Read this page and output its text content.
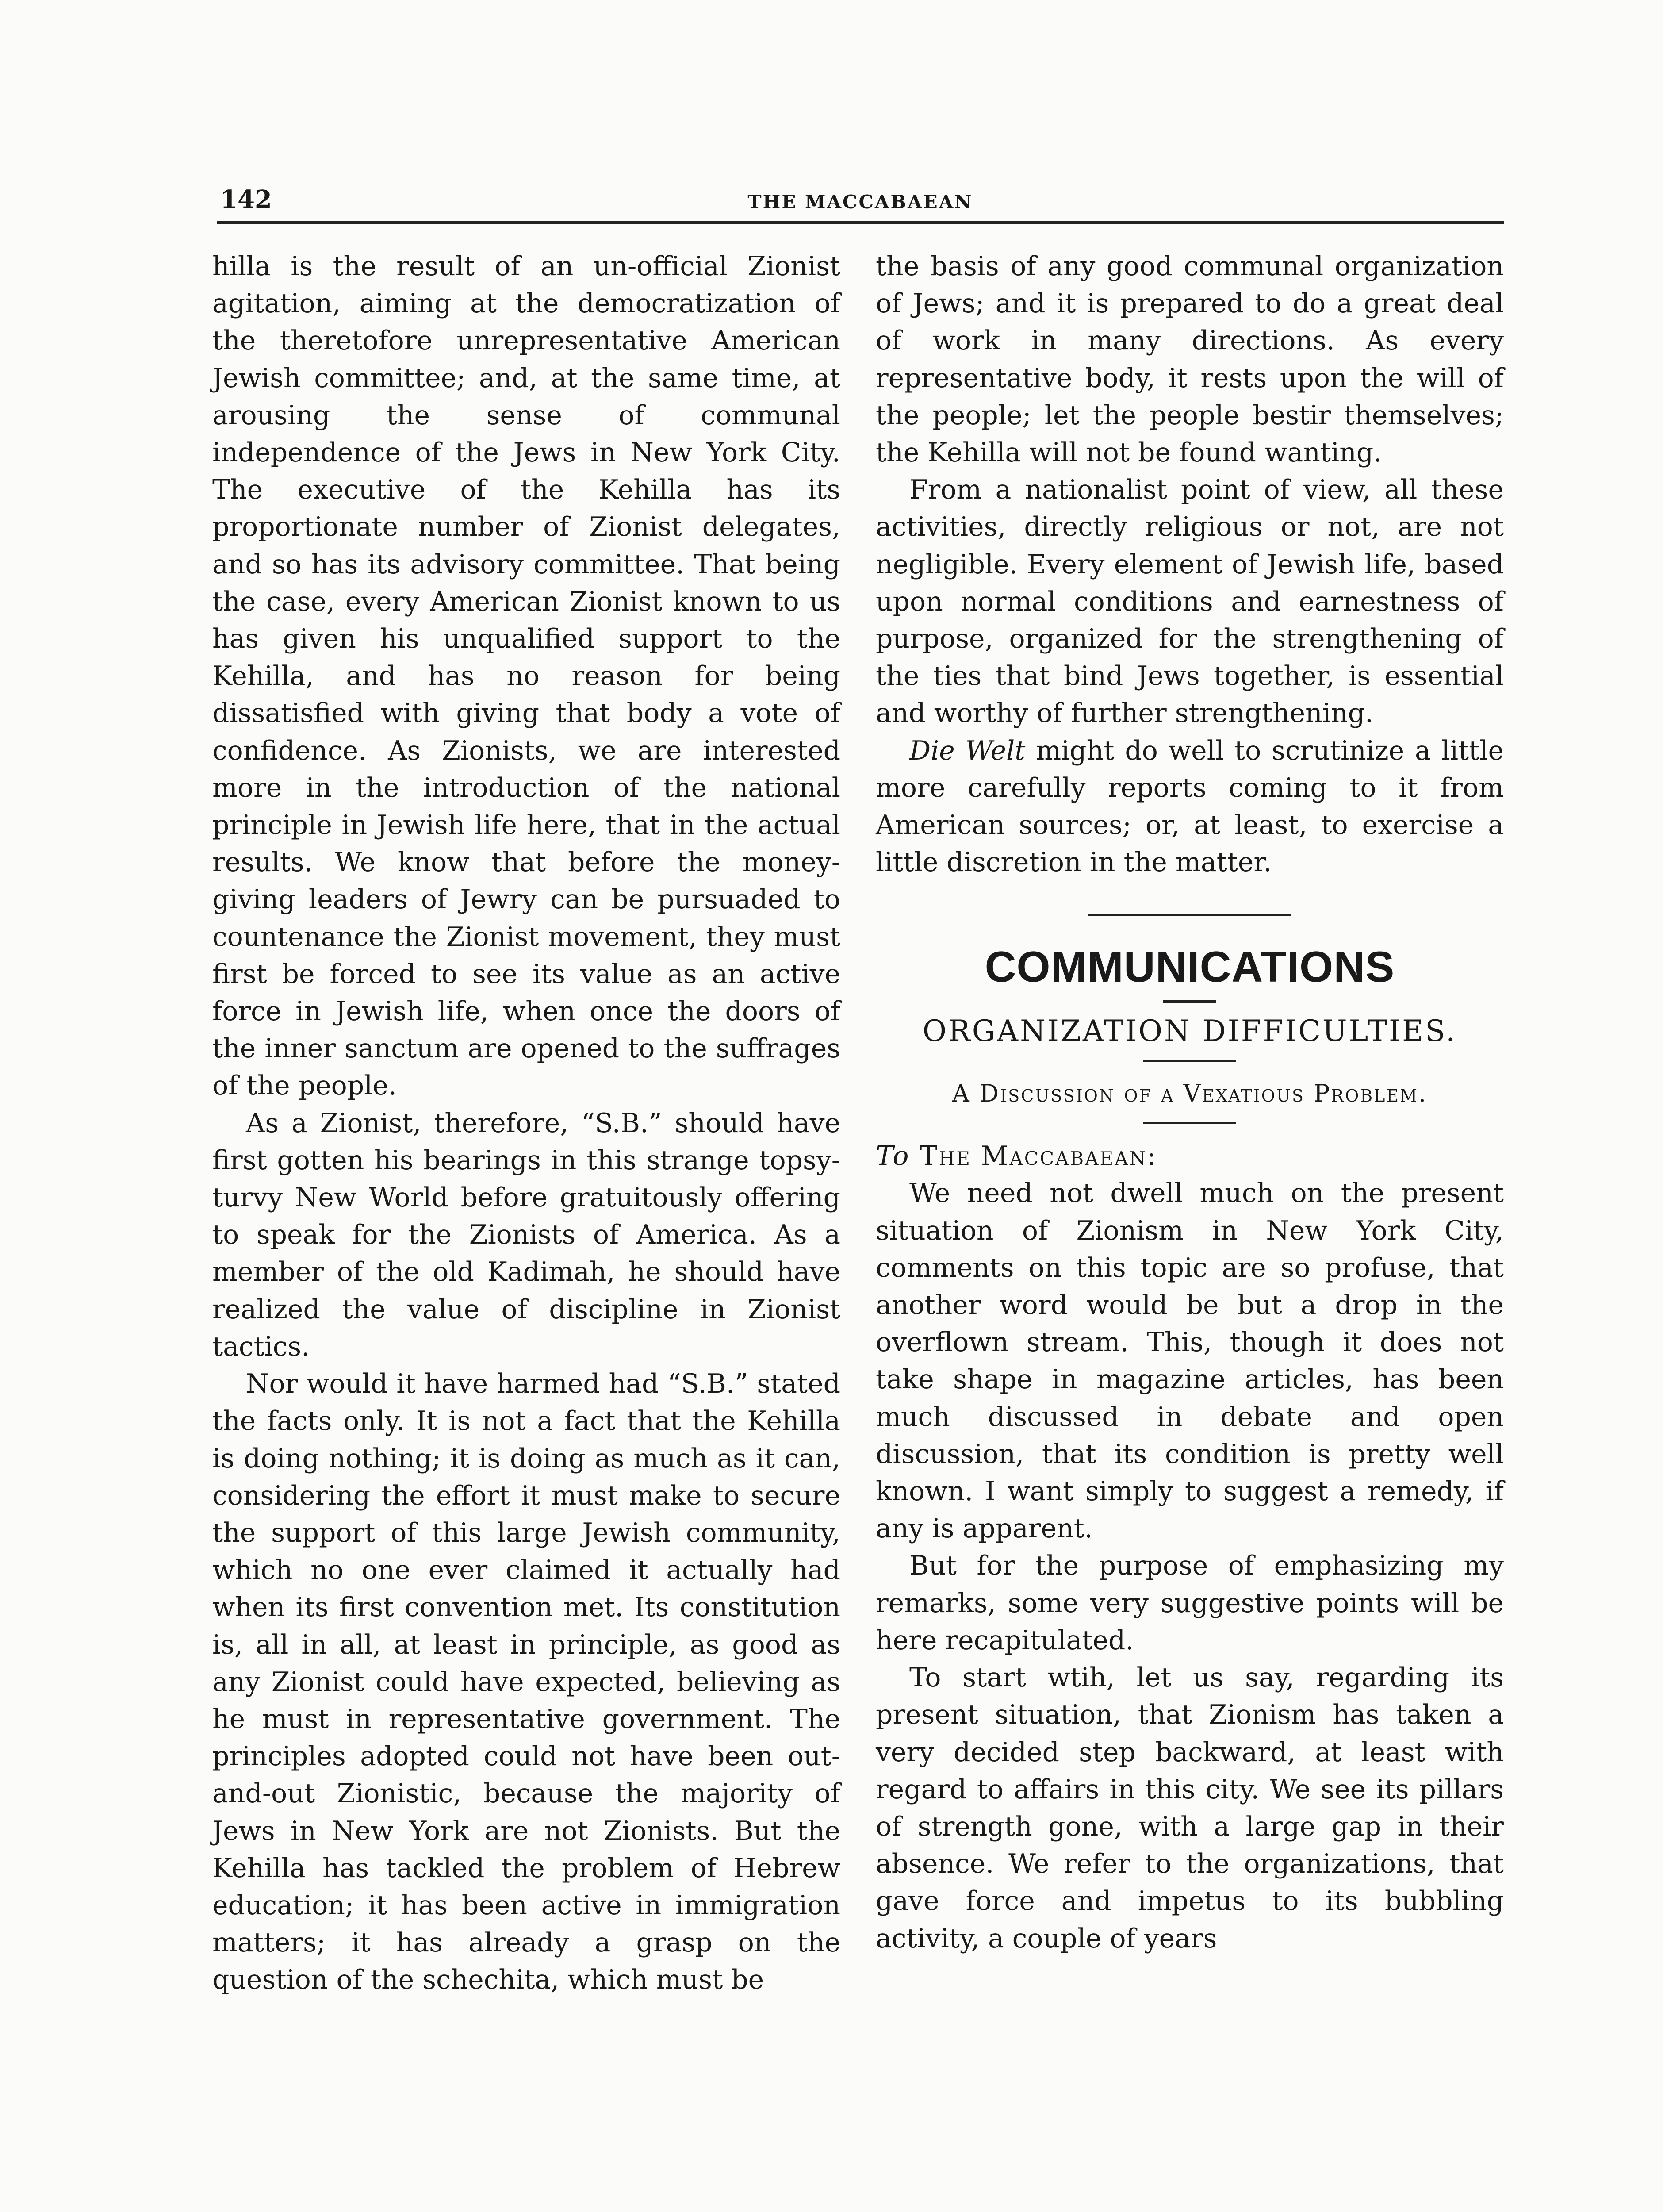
142	THE MACCABAEAN

hilla is the result of an un-official Zionist agitation, aiming at the democratization of the theretofore unrepresentative American Jewish committee; and, at the same time, at arousing the sense of communal independence of the Jews in New York City. The executive of the Kehilla has its proportionate number of Zionist delegates, and so has its advisory committee. That being the case, every American Zionist known to us has given his unqualified support to the Kehilla, and has no reason for being dissatisfied with giving that body a vote of confidence. As Zionists, we are interested more in the introduction of the national principle in Jewish life here, that in the actual results. We know that before the money-giving leaders of Jewry can be pursuaded to countenance the Zionist movement, they must first be forced to see its value as an active force in Jewish life, when once the doors of the inner sanctum are opened to the suffrages of the people.

As a Zionist, therefore, “S.B.” should have first gotten his bearings in this strange topsy-turvy New World before gratuitously offering to speak for the Zionists of America. As a member of the old Kadimah, he should have realized the value of discipline in Zionist tactics.

Nor would it have harmed had “S.B.” stated the facts only. It is not a fact that the Kehilla is doing nothing; it is doing as much as it can, considering the effort it must make to secure the support of this large Jewish community, which no one ever claimed it actually had when its first convention met. Its constitution is, all in all, at least in principle, as good as any Zionist could have expected, believing as he must in representative government. The principles adopted could not have been out-and-out Zionistic, because the majority of Jews in New York are not Zionists. But the Kehilla has tackled the problem of Hebrew education; it has been active in immigration matters; it has already a grasp on the question of the schechita, which must be

the basis of any good communal organization of Jews; and it is prepared to do a great deal of work in many directions. As every representative body, it rests upon the will of the people; let the people bestir themselves; the Kehilla will not be found wanting.

From a nationalist point of view, all these activities, directly religious or not, are not negligible. Every element of Jewish life, based upon normal conditions and earnestness of purpose, organized for the strengthening of the ties that bind Jews together, is essential and worthy of further strengthening.

Die Welt might do well to scrutinize a little more carefully reports coming to it from American sources; or, at least, to exercise a little discretion in the matter.

COMMUNICATIONS
ORGANIZATION DIFFICULTIES.
A Discussion of a Vexatious Problem.
To The Maccabaean:

We need not dwell much on the present situation of Zionism in New York City, comments on this topic are so profuse, that another word would be but a drop in the overflown stream. This, though it does not take shape in magazine articles, has been much discussed in debate and open discussion, that its condition is pretty well known. I want simply to suggest a remedy, if any is apparent.

But for the purpose of emphasizing my remarks, some very suggestive points will be here recapitulated.

To start wtih, let us say, regarding its present situation, that Zionism has taken a very decided step backward, at least with regard to affairs in this city. We see its pillars of strength gone, with a large gap in their absence. We refer to the organizations, that gave force and impetus to its bubbling activity, a couple of years
